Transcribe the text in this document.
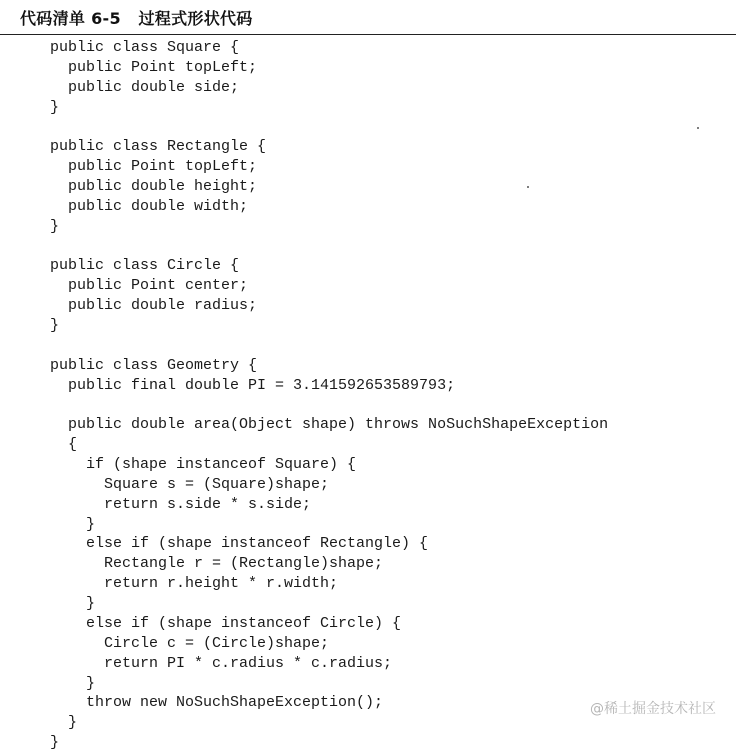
代码清单 6-5   过程式形状代码
public class Square {
public Point topLeft;
public double side;
}
public class Rectangle {
public Point topLeft;
public double height;
public double width;
}
public class Circle {
public Point center;
public double radius;
}
public class Geometry {
public final double PI = 3.141592653589793;
public double area(Object shape) throws NoSuchShapeException
{
if (shape instanceof Square) {
Square s = (Square)shape;
return s.side * s.side;
}
else if (shape instanceof Rectangle) {
Rectangle r = (Rectangle)shape;
return r.height * r.width;
}
else if (shape instanceof Circle) {
Circle c = (Circle)shape;
return PI * c.radius * c.radius;
}
throw new NoSuchShapeException();
}
}
@稀土掘金技术社区
